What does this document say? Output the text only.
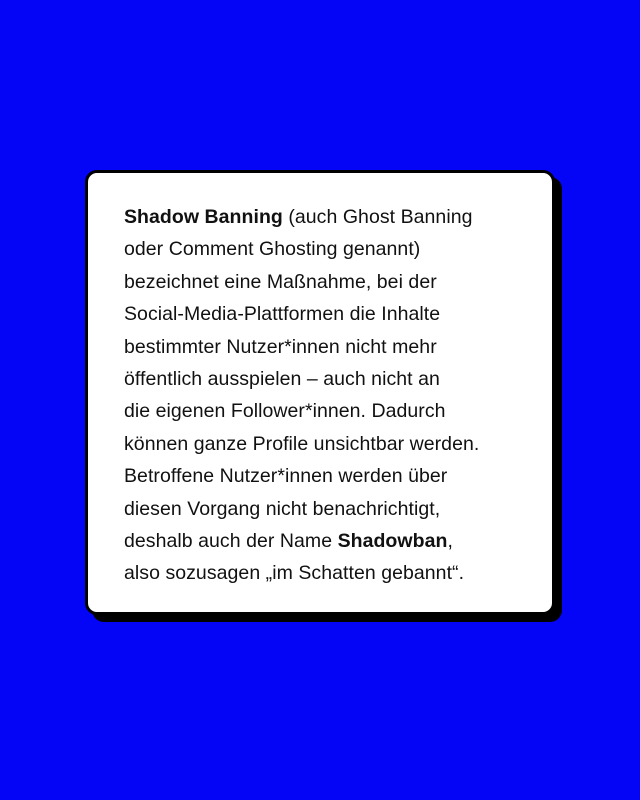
Shadow Banning (auch Ghost Banning
oder Comment Ghosting genannt)
bezeichnet eine Maßnahme, bei der
Social-Media-Plattformen die Inhalte
bestimmter Nutzer*innen nicht mehr
öffentlich ausspielen – auch nicht an
die eigenen Follower*innen. Dadurch
können ganze Profile unsichtbar werden.
Betroffene Nutzer*innen werden über
diesen Vorgang nicht benachrichtigt,
deshalb auch der Name Shadowban,
also sozusagen „im Schatten gebannt“.
